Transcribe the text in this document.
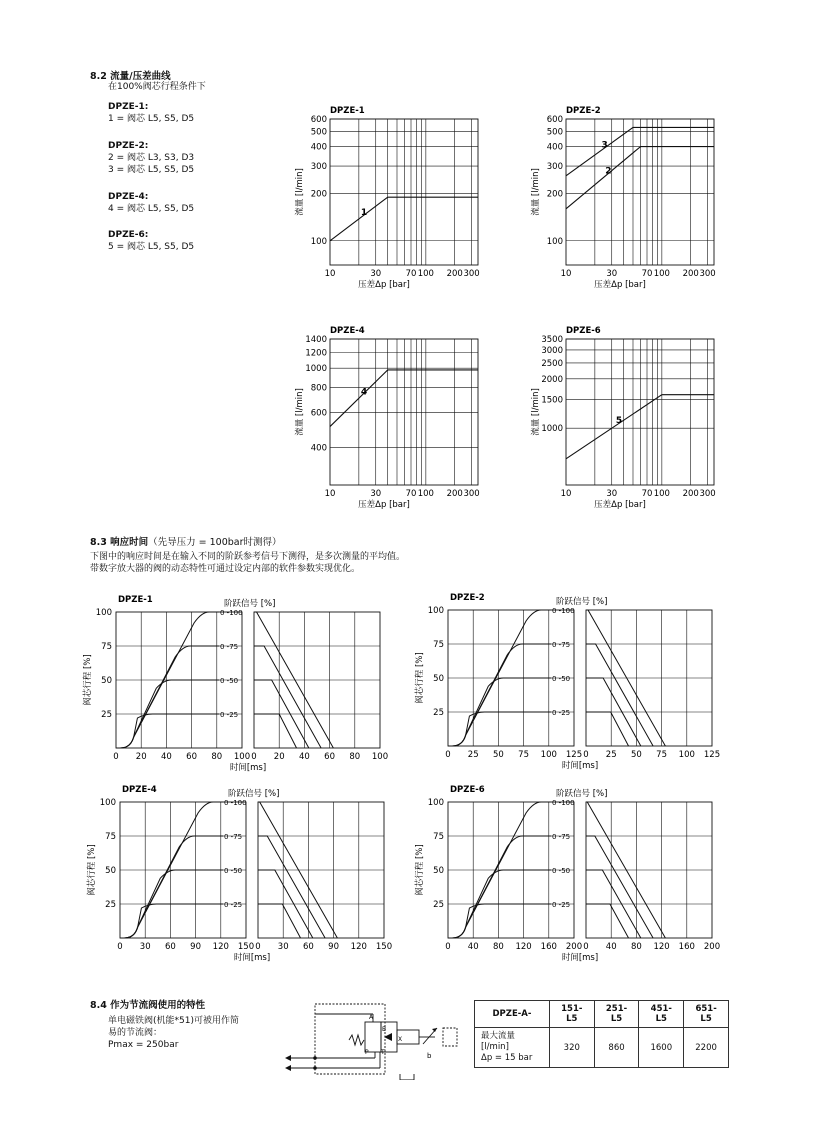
8.2 流量/压差曲线
在100%阀芯行程条件下
DPZE-1:
1 = 阀芯 L5, S5, D5
DPZE-2:
2 = 阀芯 L3, S3, D3
3 = 阀芯 L5, S5, D5
DPZE-4:
4 = 阀芯 L5, S5, D5
DPZE-6:
5 = 阀芯 L5, S5, D5
100
200
300
400
500
600
10	30	70 100 200 300
DPZE-1
压差Δp [bar]
流量 [l/min]	1
100
200
300
400
500
600
10	30	70 100 200 300
DPZE-2
压差Δp [bar]
流量 [l/min]	2
3
400
600
800
1000
1200
1400
10	30	70 100 200 300
DPZE-4
压差Δp [bar]
流量 [l/min]	4
1000
1500
2000
2500
3000
3500
10	30	70 100 200 300
DPZE-6
压差Δp [bar]
流量 [l/min]	5
8.3 响应时间（先导压力 = 100bar时测得）
下图中的响应时间是在输入不同的阶跃参考信号下测得，是多次测量的平均值。
带数字放大器的阀的动态特性可通过设定内部的软件参数实现优化。
25
50
75
100
0	0
20	20
40	40
60	60
80	80
100	100
DPZE-1	阶跃信号 [%]
时间[ms]
阀芯行程 [%]
0 -100
0 -75
0 -50
0 -25	25
50
75
100
0	0
25	25
50	50
75	75
100	100
125	125
DPZE-2	阶跃信号 [%]
时间[ms]
阀芯行程 [%]
0 -100
0 -75
0 -50
0 -25
25
50
75
100
0	0
30	30
60	60
90	90
120	120
150	150
DPZE-4	阶跃信号 [%]
时间[ms]
阀芯行程 [%]
0 -100
0 -75
0 -50
0 -25	25
50
75
100
0	0
40	40
80	80
120	120
160	160
200	200
DPZE-6	阶跃信号 [%]
时间[ms]
阀芯行程 [%]
0 -100
0 -75
0 -50
0 -25
8.4 作为节流阀使用的特性
单电磁铁阀(机能*51)可被用作简
易的节流阀：
Pmax = 250bar
A
B
P T
X
b
DPZE-A-	151-L5	251-L5	451-L5	651-L5

最大流量 [l/min]
Δp = 15 bar	320	860	1600	2200
